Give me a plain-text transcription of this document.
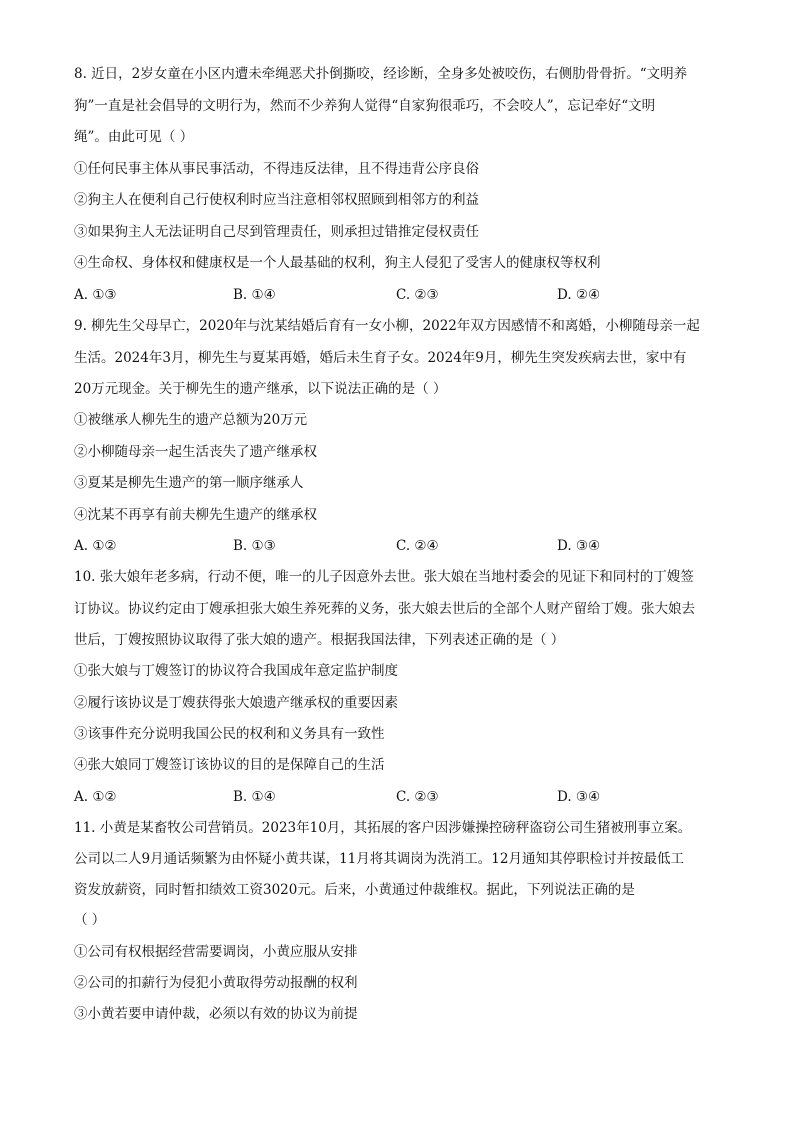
8. 近日，2岁女童在小区内遭未牵绳恶犬扑倒撕咬，经诊断，全身多处被咬伤，右侧肋骨骨折。“文明养
狗”一直是社会倡导的文明行为，然而不少养狗人觉得“自家狗很乖巧，不会咬人”，忘记牵好“文明
绳”。由此可见（ ）
①任何民事主体从事民事活动，不得违反法律，且不得违背公序良俗
②狗主人在便利自己行使权利时应当注意相邻权照顾到相邻方的利益
③如果狗主人无法证明自己尽到管理责任，则承担过错推定侵权责任
④生命权、身体权和健康权是一个人最基础的权利，狗主人侵犯了受害人的健康权等权利
A. ①③	B. ①④	C. ②③	D. ②④
9. 柳先生父母早亡，2020年与沈某结婚后育有一女小柳，2022年双方因感情不和离婚，小柳随母亲一起
生活。2024年3月，柳先生与夏某再婚，婚后未生育子女。2024年9月，柳先生突发疾病去世，家中有
20万元现金。关于柳先生的遗产继承，以下说法正确的是（ ）
①被继承人柳先生的遗产总额为20万元
②小柳随母亲一起生活丧失了遗产继承权
③夏某是柳先生遗产的第一顺序继承人
④沈某不再享有前夫柳先生遗产的继承权
A. ①②	B. ①③	C. ②④	D. ③④
10. 张大娘年老多病，行动不便，唯一的儿子因意外去世。张大娘在当地村委会的见证下和同村的丁嫂签
订协议。协议约定由丁嫂承担张大娘生养死葬的义务，张大娘去世后的全部个人财产留给丁嫂。张大娘去
世后，丁嫂按照协议取得了张大娘的遗产。根据我国法律，下列表述正确的是（ ）
①张大娘与丁嫂签订的协议符合我国成年意定监护制度
②履行该协议是丁嫂获得张大娘遗产继承权的重要因素
③该事件充分说明我国公民的权利和义务具有一致性
④张大娘同丁嫂签订该协议的目的是保障自己的生活
A. ①②	B. ①④	C. ②③	D. ③④
11. 小黄是某畜牧公司营销员。2023年10月，其拓展的客户因涉嫌操控磅秤盗窃公司生猪被刑事立案。
公司以二人9月通话频繁为由怀疑小黄共谋，11月将其调岗为洗消工。12月通知其停职检讨并按最低工
资发放薪资，同时暂扣绩效工资3020元。后来，小黄通过仲裁维权。据此，下列说法正确的是
（ ）
①公司有权根据经营需要调岗，小黄应服从安排
②公司的扣薪行为侵犯小黄取得劳动报酬的权利
③小黄若要申请仲裁，必须以有效的协议为前提
